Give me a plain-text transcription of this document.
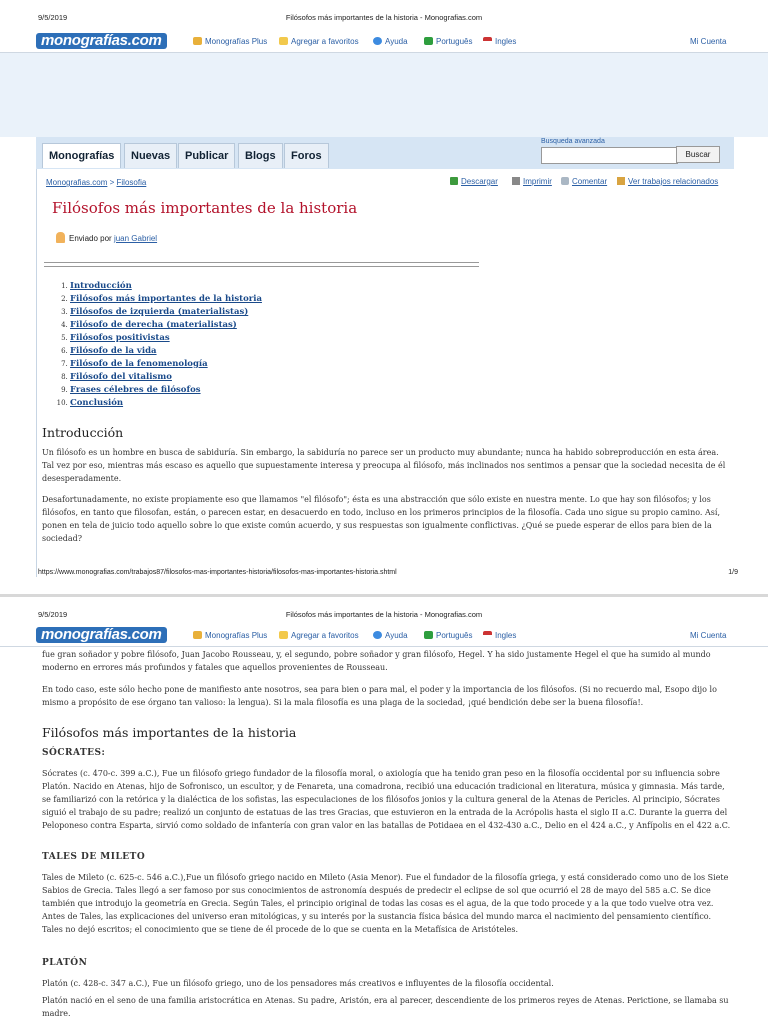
9/5/2019	Filósofos más importantes de la historia - Monografias.com
monografías.com	Monografías Plus	Agregar a favoritos	Ayuda	Português	Ingles	Mi Cuenta
Monografías	Nuevas	Publicar	Blogs	Foros
Busqueda avanzada
Buscar
Monografias.com > Filosofia	Descargar	Imprimir	Comentar	Ver trabajos relacionados
Filósofos más importantes de la historia
Enviado por juan Gabriel
1. Introducción
2. Filósofos más importantes de la historia
3. Filósofos de izquierda (materialistas)
4. Filósofo de derecha (materialistas)
5. Filósofos positivistas
6. Filósofo de la vida
7. Filósofo de la fenomenología
8. Filósofo del vitalismo
9. Frases célebres de filósofos
10. Conclusión
Introducción

Un filósofo es un hombre en busca de sabiduría. Sin embargo, la sabiduría no parece ser un producto muy abundante; nunca ha habido sobreproducción en esta área. Tal vez por eso, mientras más escaso es aquello que supuestamente interesa y preocupa al filósofo, más inclinados nos sentimos a pensar que la sociedad necesita de él desesperadamente.

Desafortunadamente, no existe propiamente eso que llamamos "el filósofo"; ésta es una abstracción que sólo existe en nuestra mente. Lo que hay son filósofos; y los filósofos, en tanto que filosofan, están, o parecen estar, en desacuerdo en todo, incluso en los primeros principios de la filosofía. Cada uno sigue su propio camino. Así, ponen en tela de juicio todo aquello sobre lo que existe común acuerdo, y sus respuestas son igualmente conflictivas. ¿Qué se puede esperar de ellos para bien de la sociedad?

https://www.monografias.com/trabajos87/filosofos-mas-importantes-historia/filosofos-mas-importantes-historia.shtml	1/9
9/5/2019	Filósofos más importantes de la historia - Monografias.com
monografías.com	Monografías Plus	Agregar a favoritos	Ayuda	Português	Ingles	Mi Cuenta

fue gran soñador y pobre filósofo, Juan Jacobo Rousseau, y, el segundo, pobre soñador y gran filósofo, Hegel. Y ha sido justamente Hegel el que ha sumido al mundo moderno en errores más profundos y fatales que aquellos provenientes de Rousseau.

En todo caso, este sólo hecho pone de manifiesto ante nosotros, sea para bien o para mal, el poder y la importancia de los filósofos. (Si no recuerdo mal, Esopo dijo lo mismo a propósito de ese órgano tan valioso: la lengua). Si la mala filosofía es una plaga de la sociedad, ¡qué bendición debe ser la buena filosofía!.

Filósofos más importantes de la historia
SÓCRATES:

Sócrates (c. 470-c. 399 a.C.), Fue un filósofo griego fundador de la filosofía moral, o axiología que ha tenido gran peso en la filosofía occidental por su influencia sobre Platón. Nacido en Atenas, hijo de Sofronisco, un escultor, y de Fenareta, una comadrona, recibió una educación tradicional en literatura, música y gimnasia. Más tarde, se familiarizó con la retórica y la dialéctica de los sofistas, las especulaciones de los filósofos jonios y la cultura general de la Atenas de Pericles. Al principio, Sócrates siguió el trabajo de su padre; realizó un conjunto de estatuas de las tres Gracias, que estuvieron en la entrada de la Acrópolis hasta el siglo II a.C. Durante la guerra del Peloponeso contra Esparta, sirvió como soldado de infantería con gran valor en las batallas de Potidaea en el 432-430 a.C., Delio en el 424 a.C., y Anfípolis en el 422 a.C.

TALES DE MILETO

Tales de Mileto (c. 625-c. 546 a.C.),Fue un filósofo griego nacido en Mileto (Asia Menor). Fue el fundador de la filosofía griega, y está considerado como uno de los Siete Sabios de Grecia. Tales llegó a ser famoso por sus conocimientos de astronomía después de predecir el eclipse de sol que ocurrió el 28 de mayo del 585 a.C. Se dice también que introdujo la geometría en Grecia. Según Tales, el principio original de todas las cosas es el agua, de la que todo procede y a la que todo vuelve otra vez. Antes de Tales, las explicaciones del universo eran mitológicas, y su interés por la sustancia física básica del mundo marca el nacimiento del pensamiento científico. Tales no dejó escritos; el conocimiento que se tiene de él procede de lo que se cuenta en la Metafísica de Aristóteles.

PLATÓN

Platón (c. 428-c. 347 a.C.), Fue un filósofo griego, uno de los pensadores más creativos e influyentes de la filosofía occidental.

Platón nació en el seno de una familia aristocrática en Atenas. Su padre, Aristón, era al parecer, descendiente de los primeros reyes de Atenas. Perictione, se llamaba su madre.
